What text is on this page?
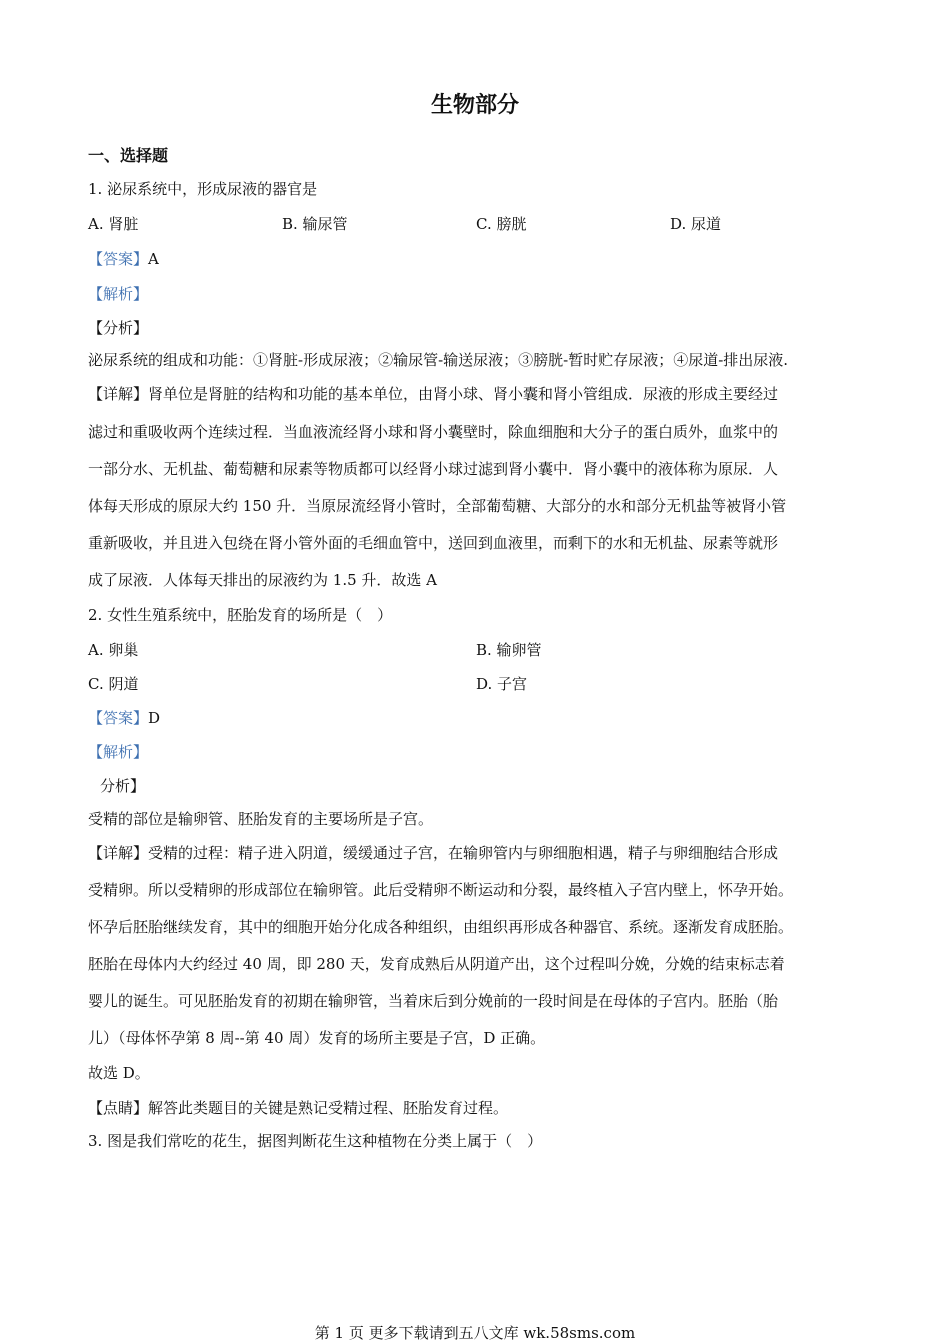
生物部分
一、选择题
1. 泌尿系统中，形成尿液的器官是
A. 肾脏	B. 输尿管	C. 膀胱	D. 尿道
【答案】A
【解析】
【分析】
泌尿系统的组成和功能：①肾脏-形成尿液；②输尿管-输送尿液；③膀胱-暂时贮存尿液；④尿道-排出尿液.
【详解】肾单位是肾脏的结构和功能的基本单位，由肾小球、肾小囊和肾小管组成．尿液的形成主要经过
滤过和重吸收两个连续过程．当血液流经肾小球和肾小囊壁时，除血细胞和大分子的蛋白质外，血浆中的
一部分水、无机盐、葡萄糖和尿素等物质都可以经肾小球过滤到肾小囊中．肾小囊中的液体称为原尿．人
体每天形成的原尿大约 150 升．当原尿流经肾小管时，全部葡萄糖、大部分的水和部分无机盐等被肾小管
重新吸收，并且进入包绕在肾小管外面的毛细血管中，送回到血液里，而剩下的水和无机盐、尿素等就形
成了尿液．人体每天排出的尿液约为 1.5 升．故选 A
2. 女性生殖系统中，胚胎发育的场所是（　）
A. 卵巢	B. 输卵管
C. 阴道	D. 子宫
【答案】D
【解析】
分析】
受精的部位是输卵管、胚胎发育的主要场所是子宫。
【详解】受精的过程：精子进入阴道，缓缓通过子宫，在输卵管内与卵细胞相遇，精子与卵细胞结合形成
受精卵。所以受精卵的形成部位在输卵管。此后受精卵不断运动和分裂，最终植入子宫内壁上，怀孕开始。
怀孕后胚胎继续发育，其中的细胞开始分化成各种组织，由组织再形成各种器官、系统。逐渐发育成胚胎。
胚胎在母体内大约经过 40 周，即 280 天，发育成熟后从阴道产出，这个过程叫分娩，分娩的结束标志着
婴儿的诞生。可见胚胎发育的初期在输卵管，当着床后到分娩前的一段时间是在母体的子宫内。胚胎（胎
儿）（母体怀孕第 8 周--第 40 周）发育的场所主要是子宫，D 正确。
故选 D。
【点睛】解答此类题目的关键是熟记受精过程、胚胎发育过程。
3. 图是我们常吃的花生，据图判断花生这种植物在分类上属于（　）
第 1 页 更多下载请到五八文库 wk.58sms.com
